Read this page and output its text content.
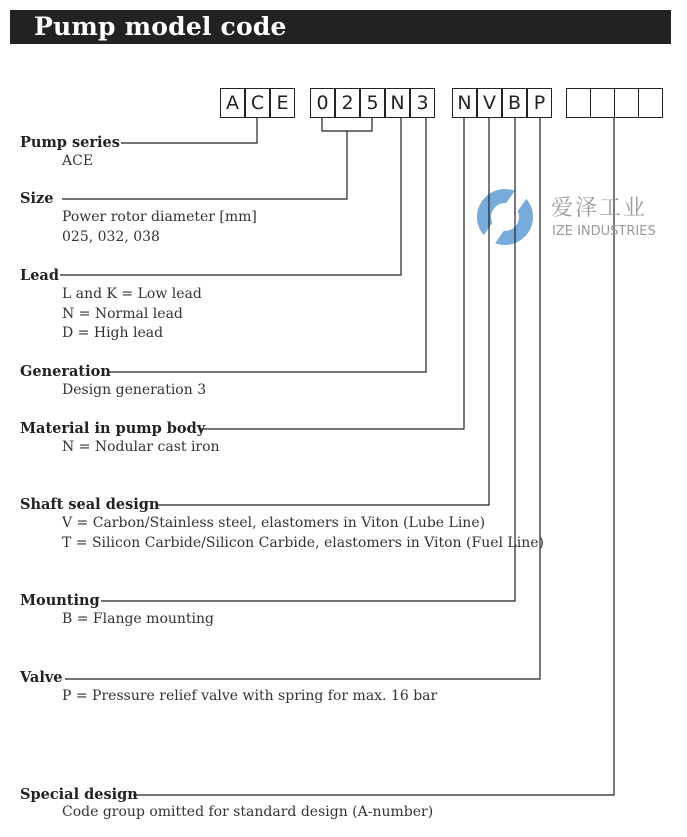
Pump model code
A C E	0 2 5 N 3	N V B P
爱泽工业
IZE INDUSTRIES
Pump series
ACE
Size
Power rotor diameter [mm]
025, 032, 038
Lead
L and K = Low lead
N = Normal lead
D = High lead
Generation
Design generation 3
Material in pump body
N = Nodular cast iron
Shaft seal design
V = Carbon/Stainless steel, elastomers in Viton (Lube Line)
T = Silicon Carbide/Silicon Carbide, elastomers in Viton (Fuel Line)
Mounting
B = Flange mounting
Valve
P = Pressure relief valve with spring for max. 16 bar
Special design
Code group omitted for standard design (A-number)
